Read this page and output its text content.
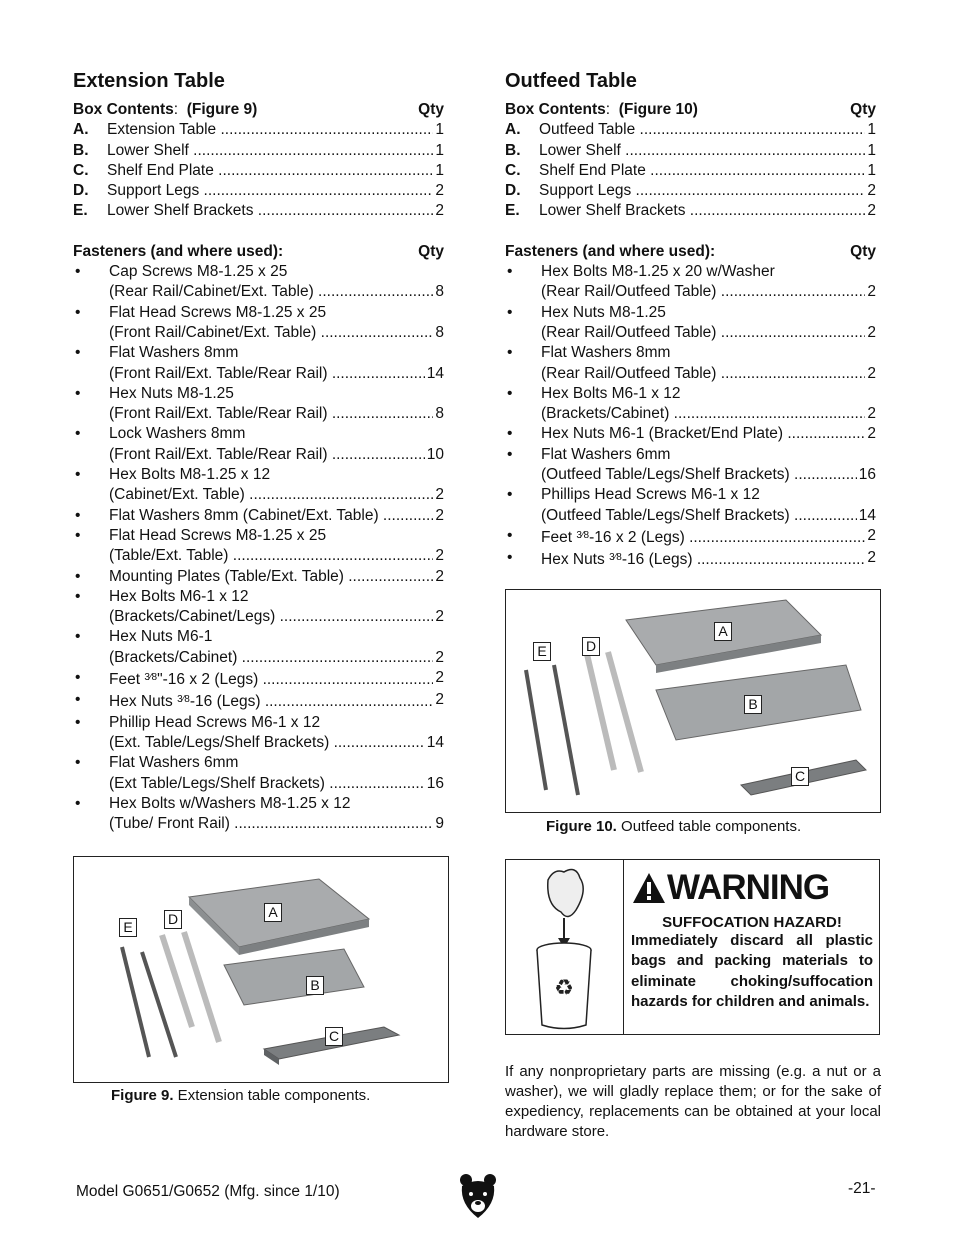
Extension Table
Box Contents: (Figure 9)	Qty
A.	Extension Table .....	1
B.	Lower Shelf .....	1
C.	Shelf End Plate .....	1
D.	Support Legs .....	2
E.	Lower Shelf Brackets .....	2
Fasteners (and where used):	Qty
•	Cap Screws M8-1.25 x 25
(Rear Rail/Cabinet/Ext. Table) .....	8
•	Flat Head Screws M8-1.25 x 25
(Front Rail/Cabinet/Ext. Table) .....	8
•	Flat Washers 8mm
(Front Rail/Ext. Table/Rear Rail) .....	14
•	Hex Nuts M8-1.25
(Front Rail/Ext. Table/Rear Rail) .....	8
•	Lock Washers 8mm
(Front Rail/Ext. Table/Rear Rail) .....	10
•	Hex Bolts M8-1.25 x 12
(Cabinet/Ext. Table) .....	2
•	Flat Washers 8mm (Cabinet/Ext. Table) .....	2
•	Flat Head Screws M8-1.25 x 25
(Table/Ext. Table) .....	2
•	Mounting Plates (Table/Ext. Table) .....	2
•	Hex Bolts M6-1 x 12
(Brackets/Cabinet/Legs) .....	2
•	Hex Nuts M6-1
(Brackets/Cabinet) .....	2
•	Feet $^{3⁄8}$"-16 x 2 (Legs) .....	2
•	Hex Nuts $^{3⁄8}$-16 (Legs) .....	2
•	Phillip Head Screws M6-1 x 12
(Ext. Table/Legs/Shelf Brackets) .....	14
•	Flat Washers 6mm
(Ext Table/Legs/Shelf Brackets) .....	16
•	Hex Bolts w/Washers M8-1.25 x 12
(Tube/ Front Rail) .....	9
Outfeed Table
Box Contents: (Figure 10)	Qty
A.	Outfeed Table .....	1
B.	Lower Shelf .....	1
C.	Shelf End Plate .....	1
D.	Support Legs .....	2
E.	Lower Shelf Brackets .....	2
Fasteners (and where used):	Qty
•	Hex Bolts M8-1.25 x 20 w/Washer
(Rear Rail/Outfeed Table) .....	2
•	Hex Nuts M8-1.25
(Rear Rail/Outfeed Table) .....	2
•	Flat Washers 8mm
(Rear Rail/Outfeed Table) .....	2
•	Hex Bolts M6-1 x 12
(Brackets/Cabinet) .....	2
•	Hex Nuts M6-1 (Bracket/End Plate) .....	2
•	Flat Washers 6mm
(Outfeed Table/Legs/Shelf Brackets) .....	16
•	Phillips Head Screws M6-1 x 12
(Outfeed Table/Legs/Shelf Brackets) .....	14
•	Feet $^{3⁄8}$-16 x 2 (Legs) .....	2
•	Hex Nuts $^{3⁄8}$-16 (Legs) .....	2
A
B
C
D
E
Figure 9. Extension table components.
A
B
C
D
E
Figure 10. Outfeed table components.
♻
WARNING
SUFFOCATION HAZARD!
Immediately discard all plastic bags and packing materials to eliminate choking/suffocation hazards for children and animals.
If any nonproprietary parts are missing (e.g. a nut or a washer), we will gladly replace them; or for the sake of expediency, replacements can be obtained at your local hardware store.
Model G0651/G0652 (Mfg. since 1/10)	-21-
